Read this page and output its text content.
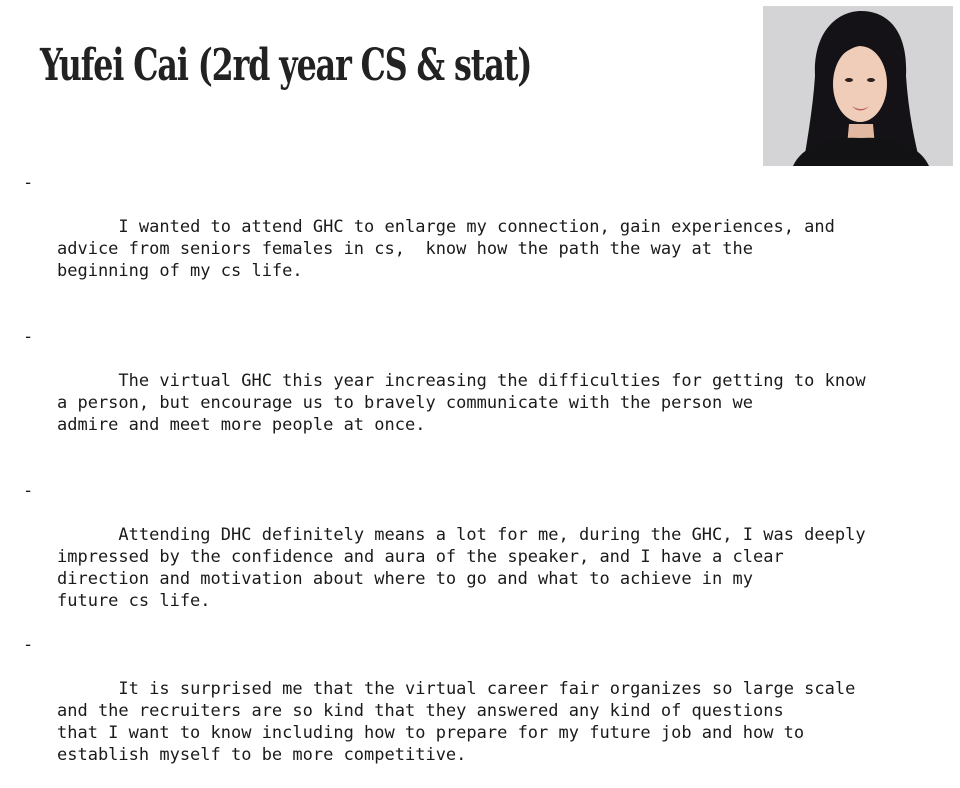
Yufei Cai (2rd year CS & stat)

-

I wanted to attend GHC to enlarge my connection, gain experiences, and
advice from seniors females in cs,  know how the path the way at the
beginning of my cs life.

-

The virtual GHC this year increasing the difficulties for getting to know
a person, but encourage us to bravely communicate with the person we
admire and meet more people at once.

-

Attending DHC definitely means a lot for me, during the GHC, I was deeply
impressed by the confidence and aura of the speaker, and I have a clear
direction and motivation about where to go and what to achieve in my
future cs life.

-

It is surprised me that the virtual career fair organizes so large scale
and the recruiters are so kind that they answered any kind of questions
that I want to know including how to prepare for my future job and how to
establish myself to be more competitive.
